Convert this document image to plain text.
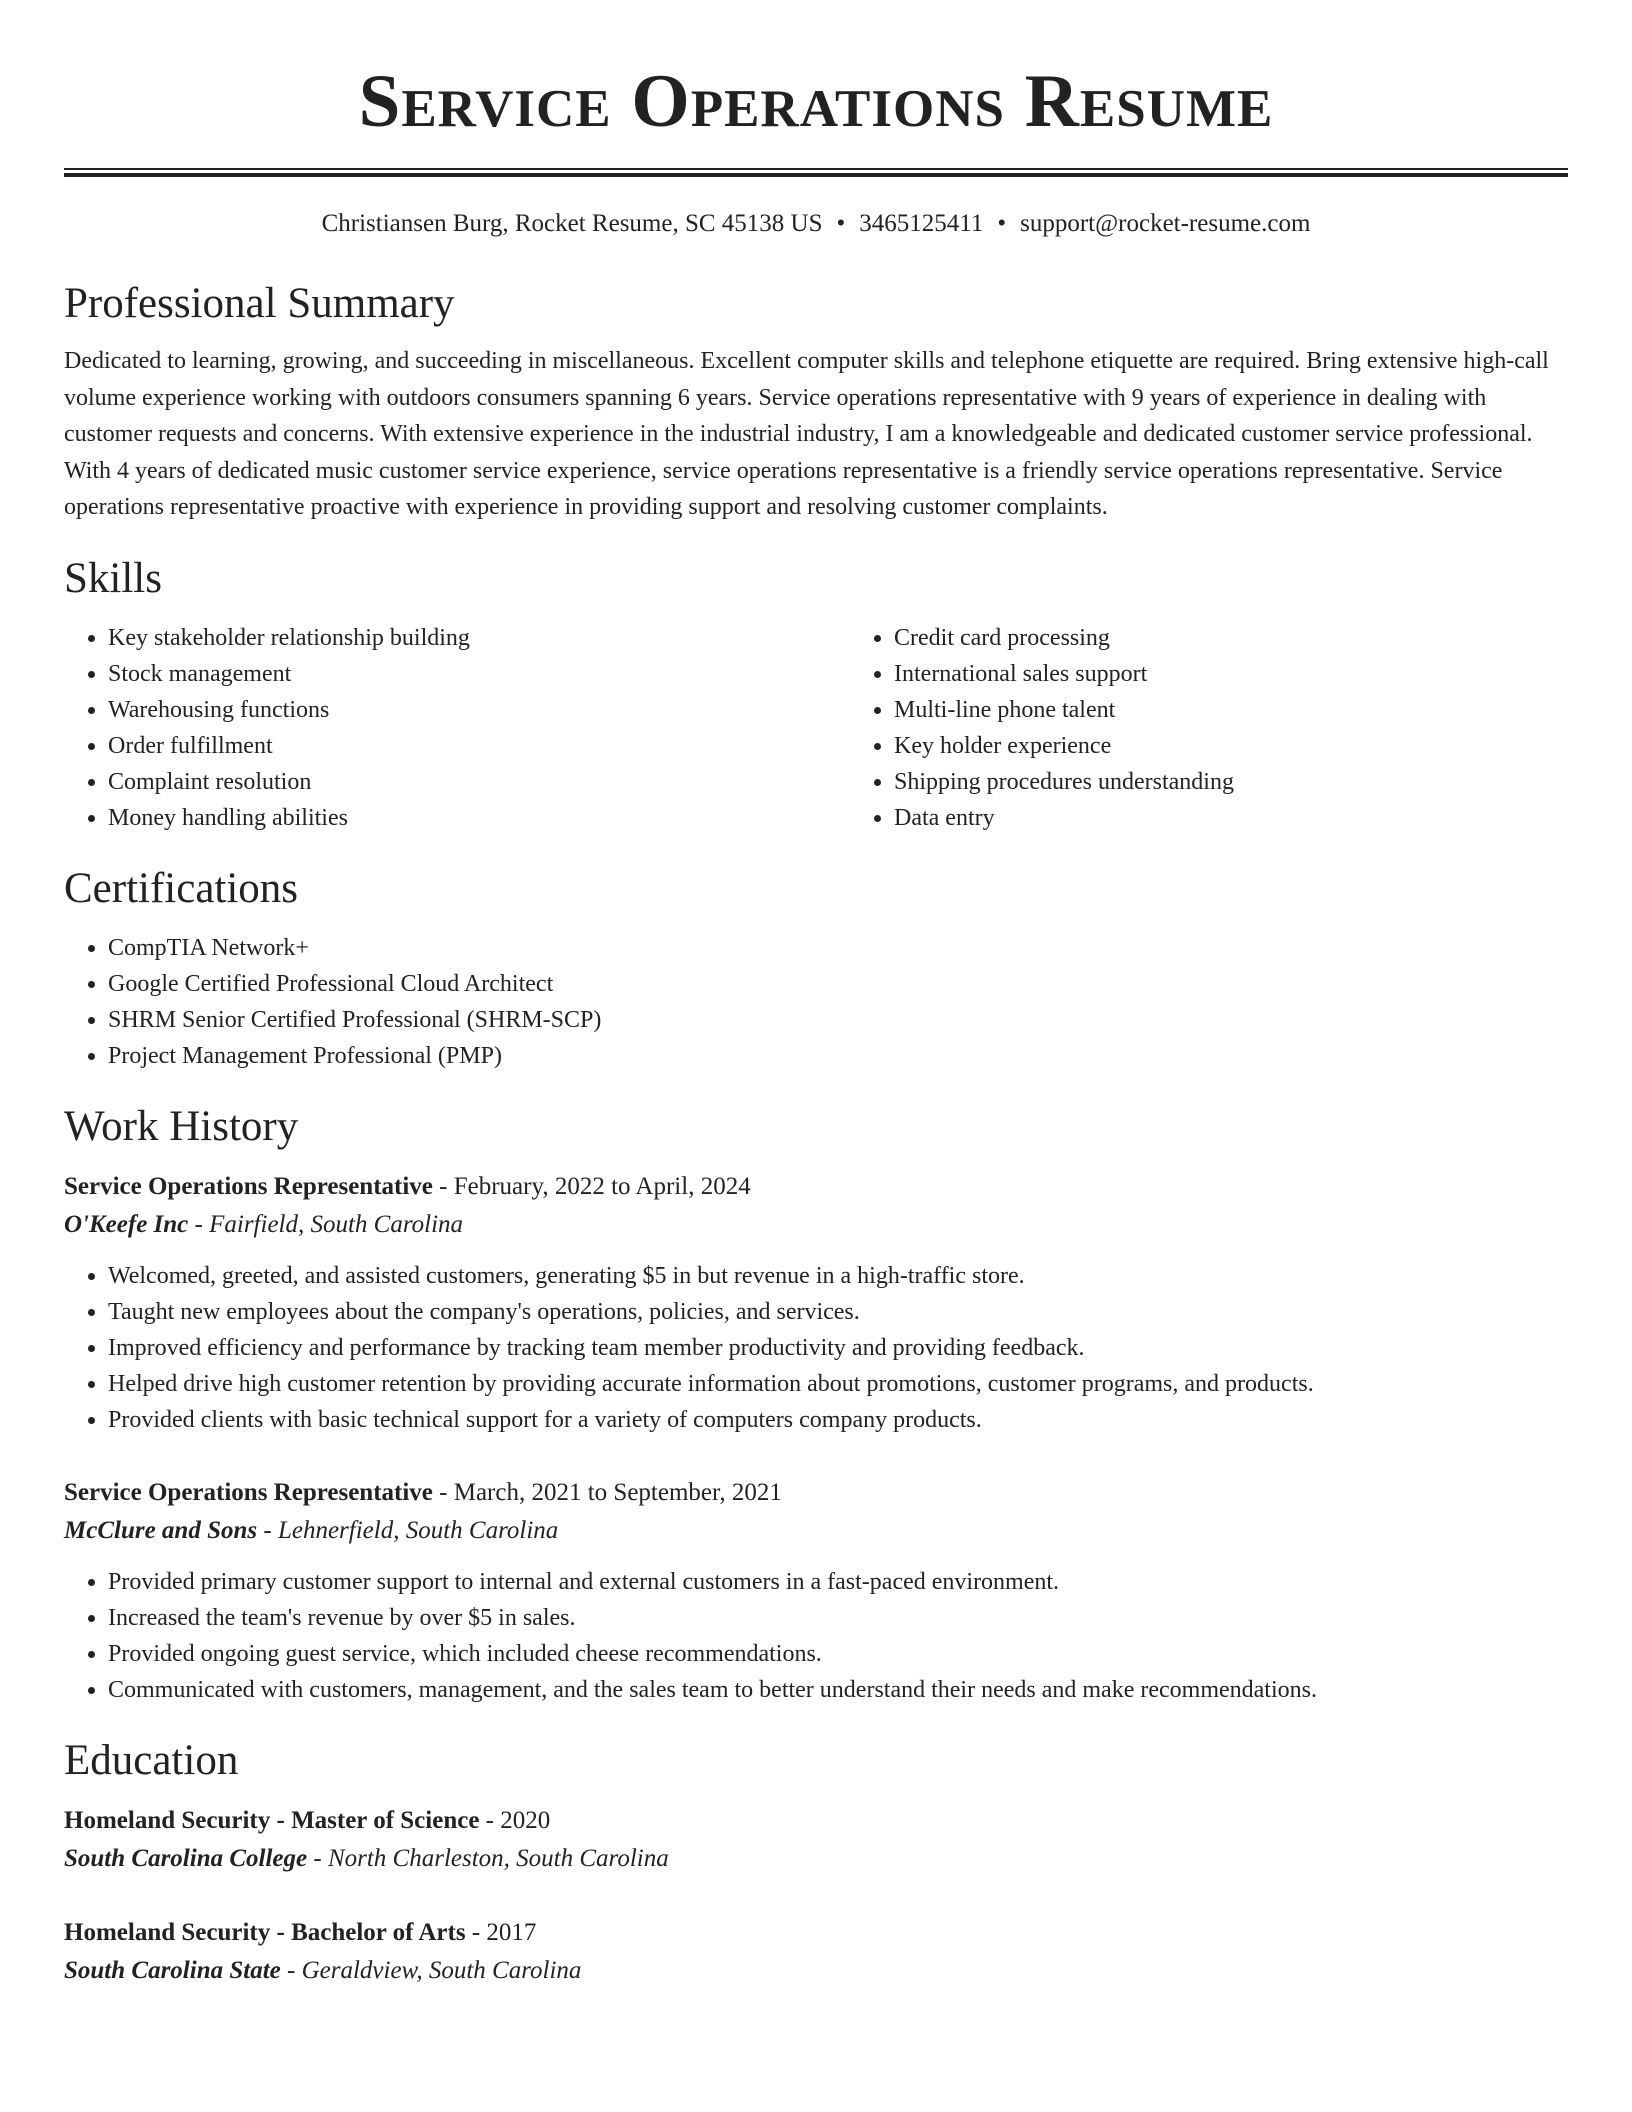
Service Operations Resume
Christiansen Burg, Rocket Resume, SC 45138 US • 3465125411 • support@rocket-resume.com
Professional Summary

Dedicated to learning, growing, and succeeding in miscellaneous. Excellent computer skills and telephone etiquette are required. Bring extensive high-call volume experience working with outdoors consumers spanning 6 years. Service operations representative with 9 years of experience in dealing with customer requests and concerns. With extensive experience in the industrial industry, I am a knowledgeable and dedicated customer service professional. With 4 years of dedicated music customer service experience, service operations representative is a friendly service operations representative. Service operations representative proactive with experience in providing support and resolving customer complaints.

Skills
• Key stakeholder relationship building
• Stock management
• Warehousing functions
• Order fulfillment
• Complaint resolution
• Money handling abilities
• Credit card processing
• International sales support
• Multi-line phone talent
• Key holder experience
• Shipping procedures understanding
• Data entry
Certifications
• CompTIA Network+
• Google Certified Professional Cloud Architect
• SHRM Senior Certified Professional (SHRM-SCP)
• Project Management Professional (PMP)
Work History
Service Operations Representative - February, 2022 to April, 2024
O'Keefe Inc - Fairfield, South Carolina
• Welcomed, greeted, and assisted customers, generating $5 in but revenue in a high-traffic store.
• Taught new employees about the company's operations, policies, and services.
• Improved efficiency and performance by tracking team member productivity and providing feedback.
• Helped drive high customer retention by providing accurate information about promotions, customer programs, and products.
• Provided clients with basic technical support for a variety of computers company products.
Service Operations Representative - March, 2021 to September, 2021
McClure and Sons - Lehnerfield, South Carolina
• Provided primary customer support to internal and external customers in a fast-paced environment.
• Increased the team's revenue by over $5 in sales.
• Provided ongoing guest service, which included cheese recommendations.
• Communicated with customers, management, and the sales team to better understand their needs and make recommendations.
Education
Homeland Security - Master of Science - 2020
South Carolina College - North Charleston, South Carolina
Homeland Security - Bachelor of Arts - 2017
South Carolina State - Geraldview, South Carolina
